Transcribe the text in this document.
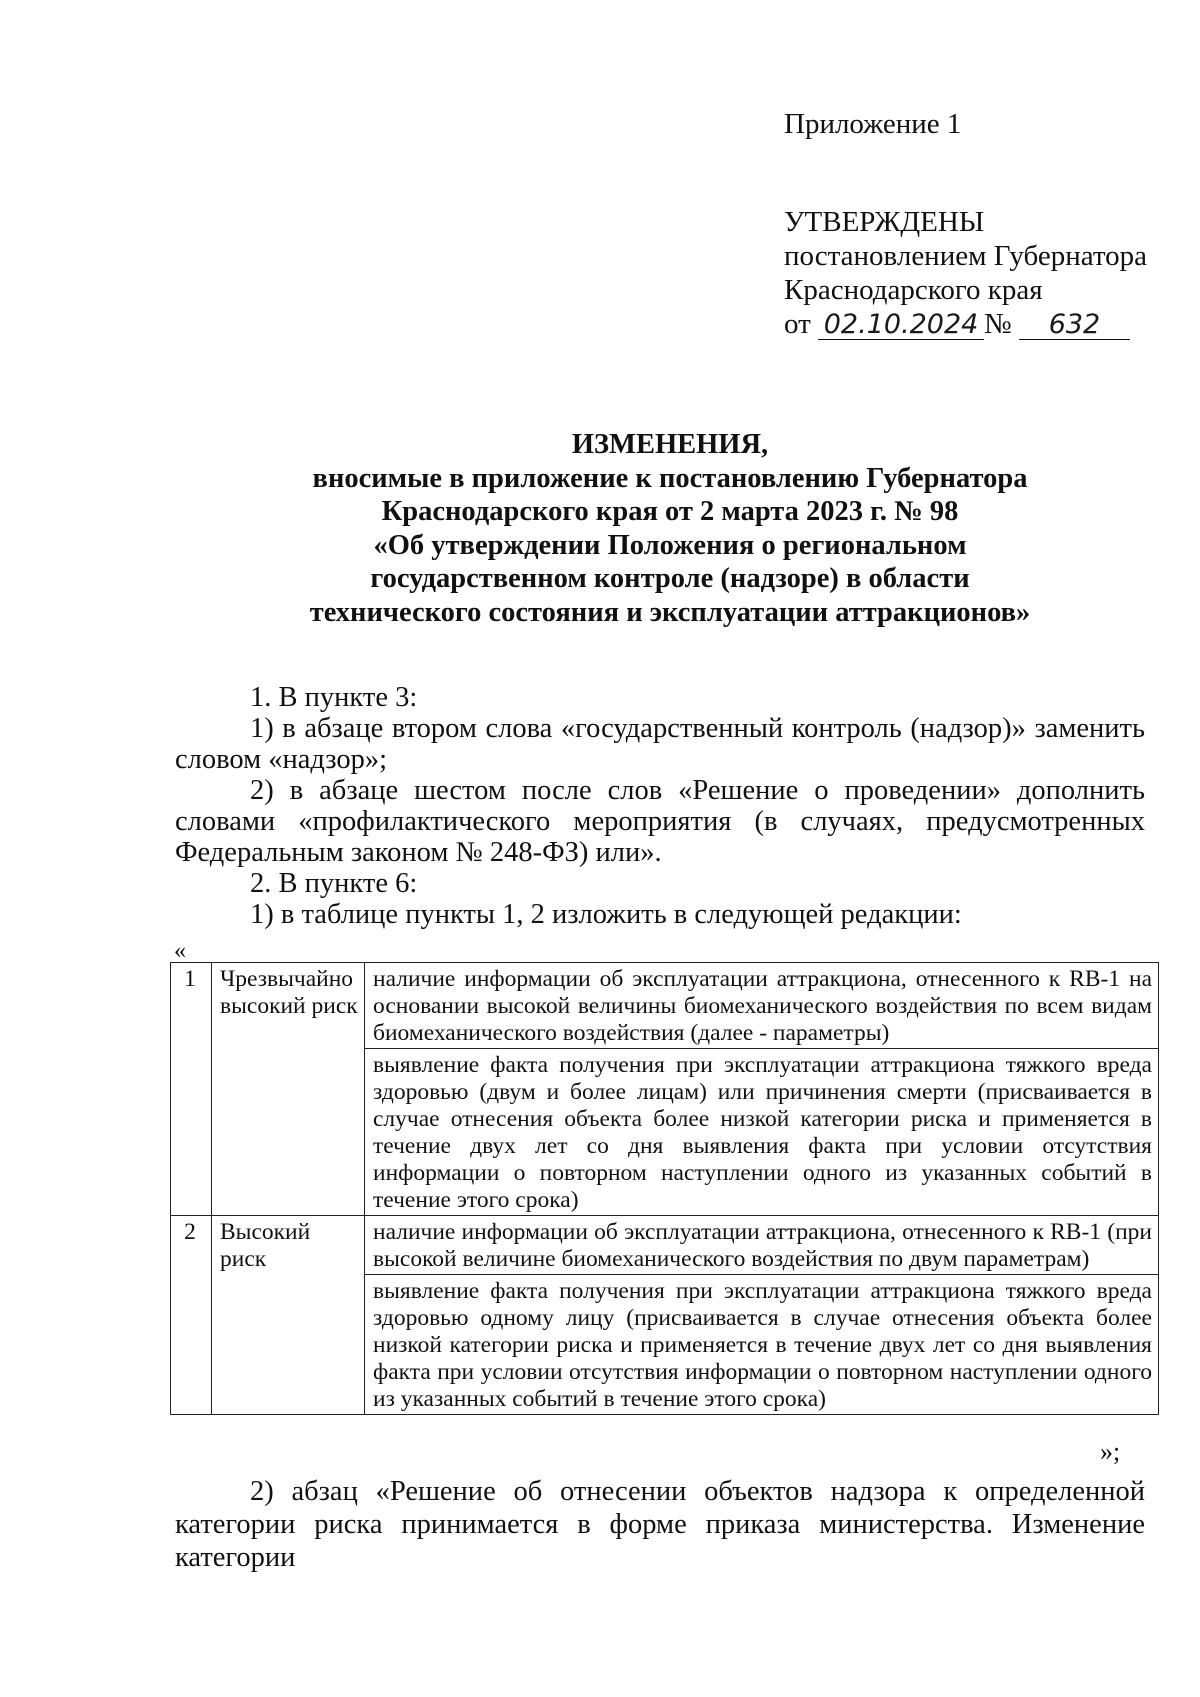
Приложение 1
УТВЕРЖДЕНЫ
постановлением Губернатора
Краснодарского края
от 02.10.2024 № 632
ИЗМЕНЕНИЯ,
вносимые в приложение к постановлению Губернатора
Краснодарского края от 2 марта 2023 г. № 98
«Об утверждении Положения о региональном
государственном контроле (надзоре) в области
технического состояния и эксплуатации аттракционов»

1. В пункте 3:

1) в абзаце втором слова «государственный контроль (надзор)» заменить словом «надзор»;

2) в абзаце шестом после слов «Решение о проведении» дополнить словами «профилактического мероприятия (в случаях, предусмотренных Федеральным законом № 248-ФЗ) или».

2. В пункте 6:

1) в таблице пункты 1, 2 изложить в следующей редакции:

«
1	Чрезвычайно высокий риск	наличие информации об эксплуатации аттракциона, отнесенного к RB-1 на основании высокой величины биомеханического воздействия по всем видам биомеханического воздействия (далее - параметры)
		выявление факта получения при эксплуатации аттракциона тяжкого вреда здоровью (двум и более лицам) или причинения смерти (присваивается в случае отнесения объекта более низкой категории риска и применяется в течение двух лет со дня выявления факта при условии отсутствия информации о повторном наступлении одного из указанных событий в течение этого срока)
2	Высокий риск	наличие информации об эксплуатации аттракциона, отнесенного к RB-1 (при высокой величине биомеханического воздействия по двум параметрам)
		выявление факта получения при эксплуатации аттракциона тяжкого вреда здоровью одному лицу (присваивается в случае отнесения объекта более низкой категории риска и применяется в течение двух лет со дня выявления факта при условии отсутствия информации о повторном наступлении одного из указанных событий в течение этого срока)
»;

2) абзац «Решение об отнесении объектов надзора к определенной категории риска принимается в форме приказа министерства. Изменение категории
